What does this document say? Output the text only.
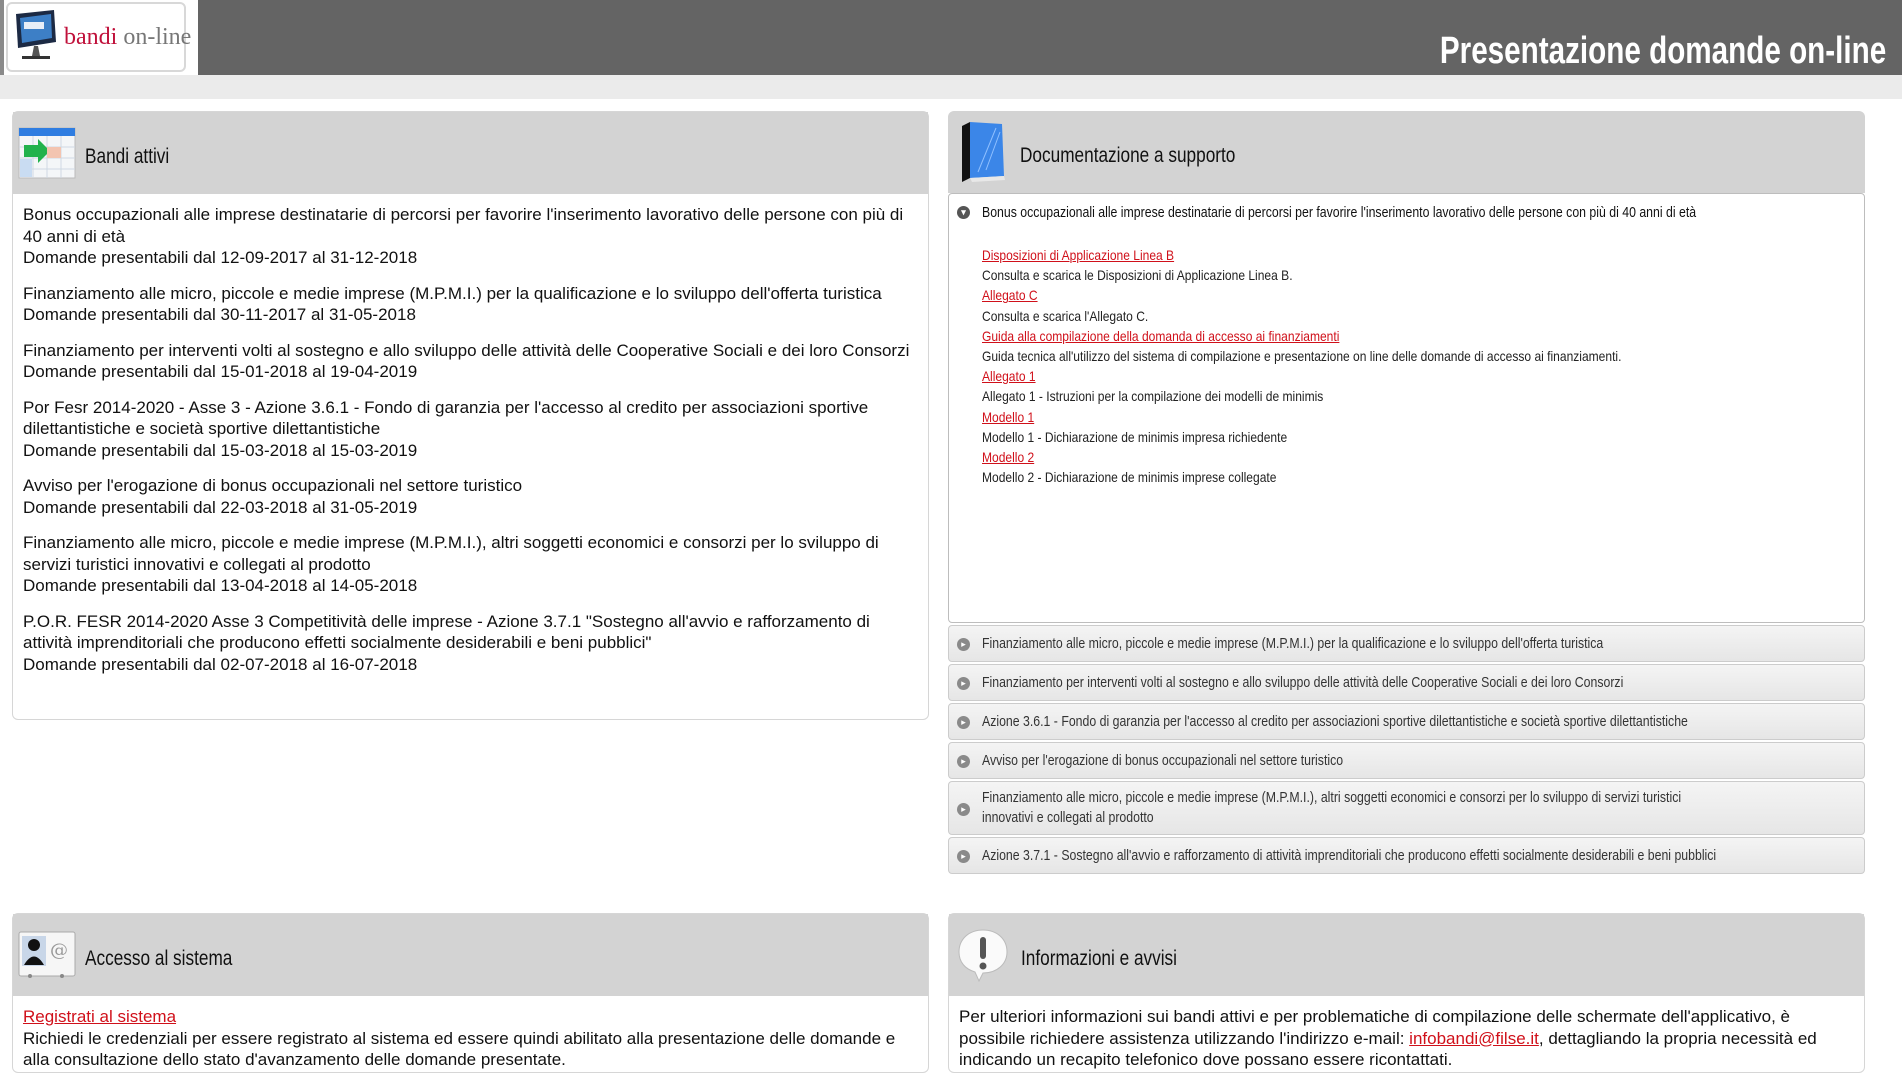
bandi on-line	Presentazione domande on-line
Bandi attivi
Bonus occupazionali alle imprese destinatarie di percorsi per favorire l'inserimento lavorativo delle persone con più di 40 anni di età
Domande presentabili dal 12-09-2017 al 31-12-2018
Finanziamento alle micro, piccole e medie imprese (M.P.M.I.) per la qualificazione e lo sviluppo dell'offerta turistica
Domande presentabili dal 30-11-2017 al 31-05-2018
Finanziamento per interventi volti al sostegno e allo sviluppo delle attività delle Cooperative Sociali e dei loro Consorzi
Domande presentabili dal 15-01-2018 al 19-04-2019
Por Fesr 2014-2020 - Asse 3 - Azione 3.6.1 - Fondo di garanzia per l'accesso al credito per associazioni sportive dilettantistiche e società sportive dilettantistiche
Domande presentabili dal 15-03-2018 al 15-03-2019
Avviso per l'erogazione di bonus occupazionali nel settore turistico
Domande presentabili dal 22-03-2018 al 31-05-2019
Finanziamento alle micro, piccole e medie imprese (M.P.M.I.), altri soggetti economici e consorzi per lo sviluppo di servizi turistici innovativi e collegati al prodotto
Domande presentabili dal 13-04-2018 al 14-05-2018
P.O.R. FESR 2014-2020 Asse 3 Competitività delle imprese - Azione 3.7.1 "Sostegno all'avvio e rafforzamento di attività imprenditoriali che producono effetti socialmente desiderabili e beni pubblici"
Domande presentabili dal 02-07-2018 al 16-07-2018
Documentazione a supporto
▾ Bonus occupazionali alle imprese destinatarie di percorsi per favorire l'inserimento lavorativo delle persone con più di 40 anni di età
Disposizioni di Applicazione Linea B
Consulta e scarica le Disposizioni di Applicazione Linea B.
Allegato C
Consulta e scarica l'Allegato C.
Guida alla compilazione della domanda di accesso ai finanziamenti
Guida tecnica all'utilizzo del sistema di compilazione e presentazione on line delle domande di accesso ai finanziamenti.
Allegato 1
Allegato 1 - Istruzioni per la compilazione dei modelli de minimis
Modello 1
Modello 1 - Dichiarazione de minimis impresa richiedente
Modello 2
Modello 2 - Dichiarazione de minimis imprese collegate
▸ Finanziamento alle micro, piccole e medie imprese (M.P.M.I.) per la qualificazione e lo sviluppo dell'offerta turistica
▸ Finanziamento per interventi volti al sostegno e allo sviluppo delle attività delle Cooperative Sociali e dei loro Consorzi
▸ Azione 3.6.1 - Fondo di garanzia per l'accesso al credito per associazioni sportive dilettantistiche e società sportive dilettantistiche
▸ Avviso per l'erogazione di bonus occupazionali nel settore turistico
▸
Finanziamento alle micro, piccole e medie imprese (M.P.M.I.), altri soggetti economici e consorzi per lo sviluppo di servizi turistici innovativi e collegati al prodotto
▸ Azione 3.7.1 - Sostegno all'avvio e rafforzamento di attività imprenditoriali che producono effetti socialmente desiderabili e beni pubblici
@ Accesso al sistema
Registrati al sistema
Richiedi le credenziali per essere registrato al sistema ed essere quindi abilitato alla presentazione delle domande e alla consultazione dello stato d'avanzamento delle domande presentate.
Informazioni e avvisi
Per ulteriori informazioni sui bandi attivi e per problematiche di compilazione delle schermate dell'applicativo, è possibile richiedere assistenza utilizzando l'indirizzo e-mail: infobandi@filse.it, dettagliando la propria necessità ed indicando un recapito telefonico dove possano essere ricontattati.
